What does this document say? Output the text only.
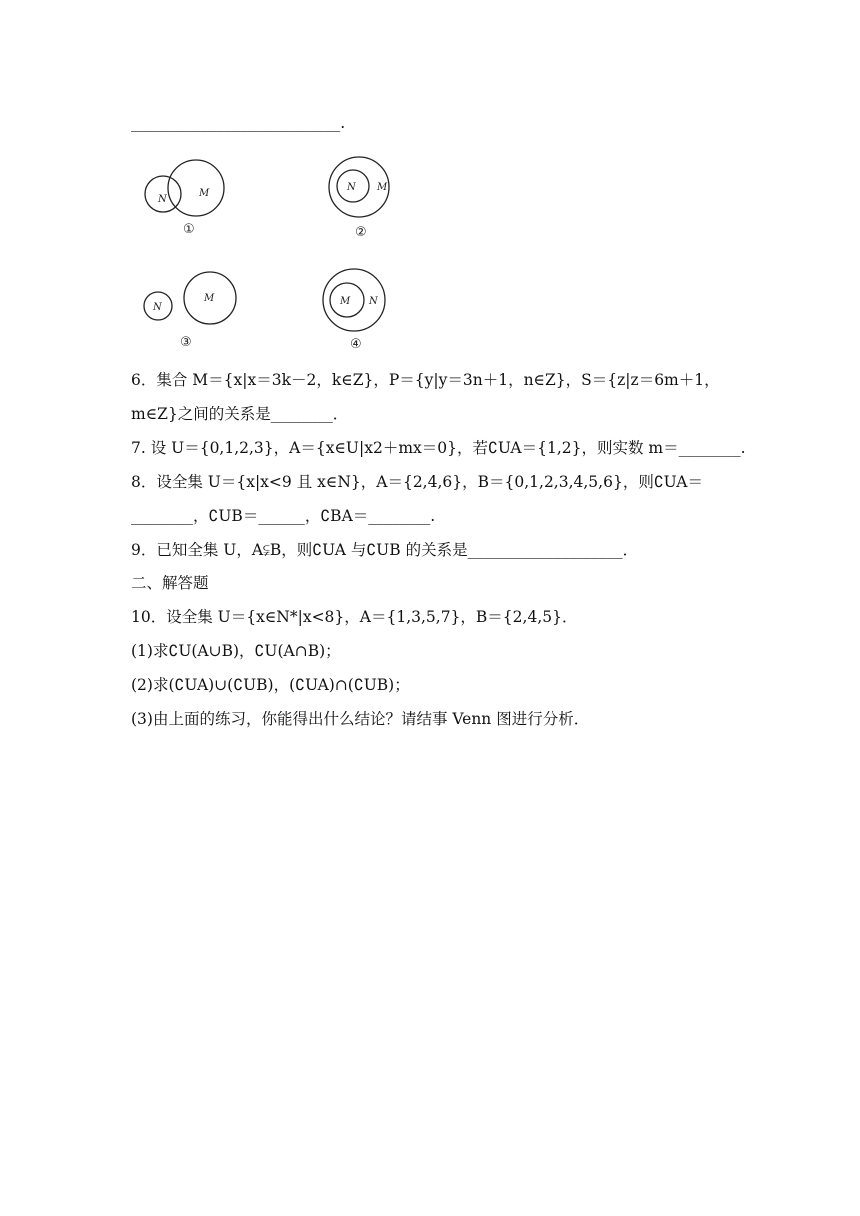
___________________________.
N
M
①
N M
②
N
M
③
M N
④
6．集合 M＝{x|x＝3k－2，k∈Z}，P＝{y|y＝3n＋1，n∈Z}，S＝{z|z＝6m＋1，
m∈Z}之间的关系是________．
7. 设 U＝{0,1,2,3}，A＝{x∈U|x2＋mx＝0}，若∁UA＝{1,2}，则实数 m＝________.
8．设全集 U＝{x|x<9 且 x∈N}，A＝{2,4,6}，B＝{0,1,2,3,4,5,6}，则∁UA＝
________，∁UB＝______，∁BA＝________.
9．已知全集 U，A⫋B，则∁UA 与∁UB 的关系是____________________．
二、解答题
10．设全集 U＝{x∈N*|x<8}，A＝{1,3,5,7}，B＝{2,4,5}．
(1)求∁U(A∪B)，∁U(A∩B)；
(2)求(∁UA)∪(∁UB)，(∁UA)∩(∁UB)；
(3)由上面的练习，你能得出什么结论？请结事 Venn 图进行分析．
